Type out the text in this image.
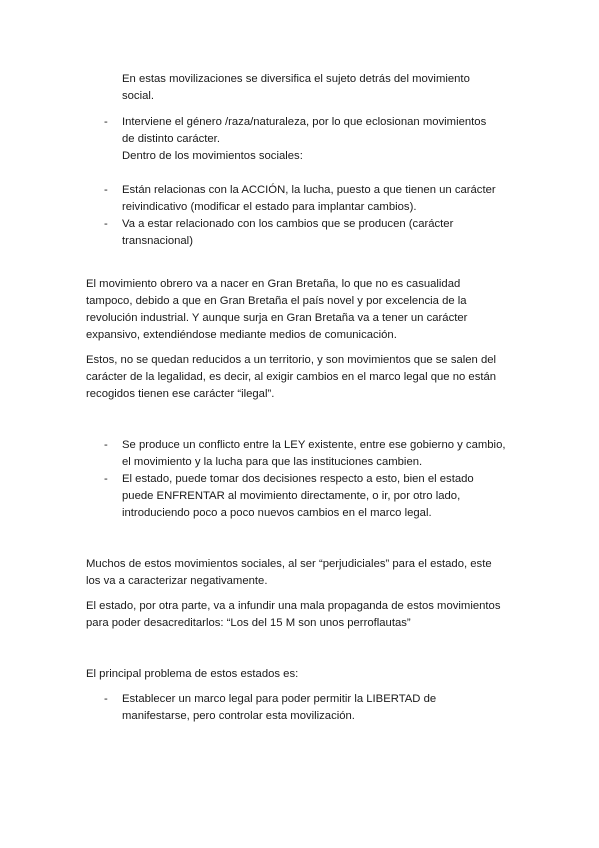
En estas movilizaciones se diversifica el sujeto detrás del movimiento
social.
- Interviene el género /raza/naturaleza, por lo que eclosionan movimientos
de distinto carácter.
Dentro de los movimientos sociales:
- Están relacionas con la ACCIÓN, la lucha, puesto a que tienen un carácter
reivindicativo (modificar el estado para implantar cambios).
- Va a estar relacionado con los cambios que se producen (carácter
transnacional)
El movimiento obrero va a nacer en Gran Bretaña, lo que no es casualidad
tampoco, debido a que en Gran Bretaña el país novel y por excelencia de la
revolución industrial. Y aunque surja en Gran Bretaña va a tener un carácter
expansivo, extendiéndose mediante medios de comunicación.
Estos, no se quedan reducidos a un territorio, y son movimientos que se salen del
carácter de la legalidad, es decir, al exigir cambios en el marco legal que no están
recogidos tienen ese carácter “ilegal”.
- Se produce un conflicto entre la LEY existente, entre ese gobierno y cambio,
el movimiento y la lucha para que las instituciones cambien.
- El estado, puede tomar dos decisiones respecto a esto, bien el estado
puede ENFRENTAR al movimiento directamente, o ir, por otro lado,
introduciendo poco a poco nuevos cambios en el marco legal.
Muchos de estos movimientos sociales, al ser “perjudiciales” para el estado, este
los va a caracterizar negativamente.
El estado, por otra parte, va a infundir una mala propaganda de estos movimientos
para poder desacreditarlos: “Los del 15 M son unos perroflautas”
El principal problema de estos estados es:
- Establecer un marco legal para poder permitir la LIBERTAD de
manifestarse, pero controlar esta movilización.
